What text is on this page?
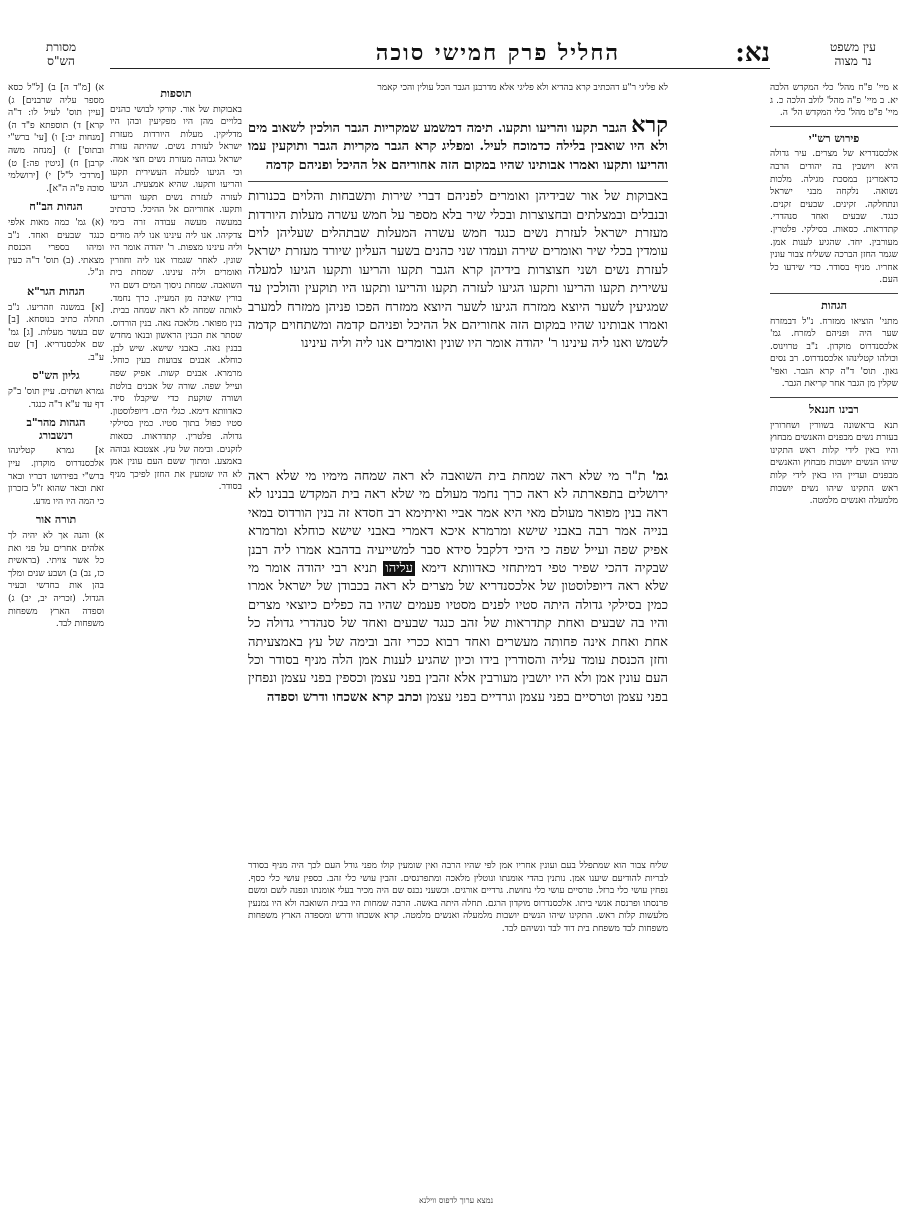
עין משפט
נר מצוה
מסורת
הש"ס	נא:
החליל פרק חמישי סוכה

לא פליגי ר"ע דהכתיב קרא בהדיא ולא פליגי אלא מדרבנן הגבר הכל עולין והכי קאמר

קרא הגבר תקעו והריעו ותקעו. תימה דמשמע שמקריות הגבר הולכין לשאוב מים ולא היו שואבין בלילה כדמוכח לעיל. ומפליג קרא הגבר מקריות הגבר ותוקעין עמו והריעו ותקעו ואמרו אבותינו שהיו במקום הזה אחוריהם אל ההיכל ופניהם קדמה
באבוקות של אור שבידיהן ואומרים לפניהם דברי שירות ותשבחות והלוים בכנורות ובנבלים ובמצלתים ובחצוצרות ובכלי שיר בלא מספר על חמש עשרה מעלות היורדות מעזרת ישראל לעזרת נשים כנגד חמש עשרה המעלות שבתהלים שעליהן לוים עומדין בכלי שיר ואומרים שירה ועמדו שני כהנים בשער העליון שיורד מעזרת ישראל לעזרת נשים ושני חצוצרות בידיהן קרא הגבר תקעו והריעו ותקעו הגיעו למעלה עשירית תקעו והריעו ותקעו הגיעו לעזרה תקעו והריעו ותקעו היו תוקעין והולכין עד שמגיעין לשער היוצא ממזרח הגיעו לשער היוצא ממזרח הפכו פניהן ממזרח למערב ואמרו אבותינו שהיו במקום הזה אחוריהם אל ההיכל ופניהם קדמה ומשתחוים קדמה לשמש ואנו ליה עינינו ר' יהודה אומר היו שונין ואומרים אנו ליה וליה עינינו
גמ' ת"ר מי שלא ראה שמחת בית השואבה לא ראה שמחה מימיו מי שלא ראה ירושלים בתפארתה לא ראה כרך נחמד מעולם מי שלא ראה בית המקדש בבנינו לא ראה בנין מפואר מעולם מאי היא אמר אביי ואיתימא רב חסדא זה בנין הורדוס במאי בנייה אמר רבה באבני שישא ומרמרא איכא דאמרי באבני שישא כוחלא ומרמרא אפיק שפה ועייל שפה כי היכי דלקבל סידא סבר למשייעיה בדהבא אמרו ליה רבנן שבקיה דהכי שפיר טפי דמיתחזי כאדוותא דימא עליהו תניא רבי יהודה אומר מי שלא ראה דיופלוסטון של אלכסנדריא של מצרים לא ראה בכבודן של ישראל אמרו כמין בסילקי גדולה היתה סטיו לפנים מסטיו פעמים שהיו בה כפלים כיוצאי מצרים והיו בה שבעים ואחת קתדראות של זהב כנגד שבעים ואחד של סנהדרי גדולה כל אחת ואחת אינה פחותה מעשרים ואחד רבוא ככרי זהב ובימה של עץ באמצעיתה וחזן הכנסת עומד עליה והסודרין בידו וכיון שהגיע לענות אמן הלה מניף בסודר וכל העם עונין אמן ולא היו יושבין מעורבין אלא זהבין בפני עצמן וכספין בפני עצמן ונפחין בפני עצמן וטרסיים בפני עצמן וגרדיים בפני עצמן וכתב קרא אשכחו ודרש וספדה

שליח צבור הוא שמתפלל בעם ועונין אחריו אמן לפי שהיו הרבה ואין שומעין קולו מפני גודל העם לכך היה מניף בסודר לבריות להודיעם שיענו אמן. נותנין בהדי אומנתו ונוטלין מלאכה ומתפרנסים. זהבין עושי כלי זהב. כספין עושי כלי כסף. נפחין עושי כלי ברזל. טרסיים עושי כלי נחושת. גרדיים אורגים. וכשעני נכנס שם היה מכיר בעלי אומנתו ונפנה לשם ומשם פרנסתו ופרנסת אנשי ביתו. אלכסנדרוס מוקדון הרגם. תחלה היתה באשה. הרבה שמחות היו בבית השואבה ולא היו נמנעין מלעשות קלות ראש. התקינו שיהו הנשים יושבות מלמעלה ואנשים מלמטה. קרא אשכחו ודרש ומספדה הארץ משפחות משפחות לבד משפחת בית דוד לבד ונשיהם לבד.

תוספות

באבוקות של אור. קורקי לבושי כהנים בלויים מהן היו מפקיעין ובהן היו מדליקין. מעלות היורדות מעזרת ישראל לעזרת נשים. שהיתה עזרת ישראל גבוהה מעזרת נשים חצי אמה. וכי הגיעו למעלה העשירית תקעו והריעו ותקעו. שהיא אמצעית. הגיעו לעזרה לעזרת נשים תקעו והריעו ותקעו. אחוריהם אל ההיכל. כדכתיב במעשה מעשה עבודה זרה בימי צדקיהו. אנו ליה עינינו אנו ליה מודים וליה עינינו מצפות. ר' יהודה אומר היו שונין. לאחר שגמרו אנו ליה וחוזרין ואומרים וליה עינינו. שמחת בית השואבה. שמחת ניסוך המים דשם היו בורין שאיבה מן המעיין. כרך נחמד. לאותה שמחה לא ראה שמחה בבית. בנין מפואר. מלאכה נאה. בנין הורדוס. שסתר את הבנין הראשון ובנאו מחדש בבנין נאה. באבני שישא. שיש לבן. כוחלא. אבנים צבועות כעין כוחל. מרמרא. אבנים קשות. אפיק שפה ועייל שפה. שורה של אבנים בולטת ושורה שוקעת כדי שיקבלו סיד. כאדוותא דימא. כגלי הים. דיופלוסטון. סטיו כפול בתוך סטיו. כמין בסילקי גדולה. פלטרין. קתדראות. כסאות לזקנים. ובימה של עץ. אצטבא גבוהה באמצע. ומתוך ששם העם עונין אמן לא היו שומעין את החזן לפיכך מניף בסודר.

א מיי' פ"ח מהל' כלי המקדש הלכה יא. ב מיי' פ"ה מהל' לולב הלכה כ. ג מיי' פ"ט מהל' כלי המקדש הל' ה.

פירוש רש"י

אלכסנדריא של מצרים. עיר גדולה היא ויושבין בה יהודים הרבה כדאמרינן במסכת מגילה. מלכות נשואה. נלקחה מבני ישראל ונתחלקה. זקינים. שבעים זקנים. כנגד. שבעים ואחד סנהדרי. קתדראות. כסאות. בסילקי. פלטרין. מעורבין. יחד. שהגיע לענות אמן. שגמר החזן הברכה ששליח צבור עונין אחריו. מניף בסודר. כדי שידעו כל העם.

הגהות

מתני' הוציאו ממזרח. נ"ל דבמזרח שער היה ופניהם למזרח. גמ' אלכסנדרוס מוקדון. נ"ב טרוינוס. וכולהו קטלינהו אלכסנדרוס. רב נסים גאון. תוס' ד"ה קרא הגבר. ואפי' שקלין מן הגבר אחר קריאת הגבר.

רבינו חננאל

תנא בראשונה בשוורין ושחרורין בעזרת נשים מבפנים והאנשים מבחוץ והיו באין לידי קלות ראש התקינו שיהו הנשים יושבות מבחוץ והאנשים מבפנים ועדיין היו באין לידי קלות ראש התקינו שיהו נשים יושבות מלמעלה ואנשים מלמטה.

א) [מ"ד ה] ב) [ל"ל כסא מספר עליה שרבנים] ג) [עיין תוס' לעיל לו: ד"ה קרא] ד) תוספתא פ"ד ה) [מנחות יב:] ו) [עי' ברש"י ובתוס'] ז) [מנחה משה קרבן] ח) [גיטין פה:] ט) [מרדכי ל"ל] י) [ירושלמי סוכה פ"ה ה"א].

הגהות הב"ח

(א) גמ' כמה מאות אלפי כנגד שבעים ואחד. נ"ב ומיהו בספרי הכנסת מצאתי. (ב) תוס' ד"ה כעין ונ"ל.

הגהות הגר"א

[א] במשנה וזהריעו. נ"ב תחלה כתיב בנוסחא. [ב] שם בעשר מעלות. [ג] גמ' שם אלכסנדריא. [ד] שם ע"ב.

גליון הש"ס

גמרא ושתים. עיין תוס' ב"ק דף עד ע"א ד"ה כנגד.

הגהות מהר"ב רנשבורג

א] גמרא קטלינהו אלכסנדרוס מוקדון. עיין ברש"י בפירושו דבריו ובאר זאת ובאר שהוא ז"ל בזכרון כי המה היו היו מדע.

תורה אור

א) והנה אך לא יהיה לך אלהים אחרים על פני ואת כל אשר צויתי. (בראשית כז, נב) ב) ושבע שנים ומלך בהן אות בחדשי ובעיר הגדול. (זכריה יב, יב) ג) וספדה הארץ משפחות משפחות לבד.

נמצא ערוך לדפוס ווילנא
